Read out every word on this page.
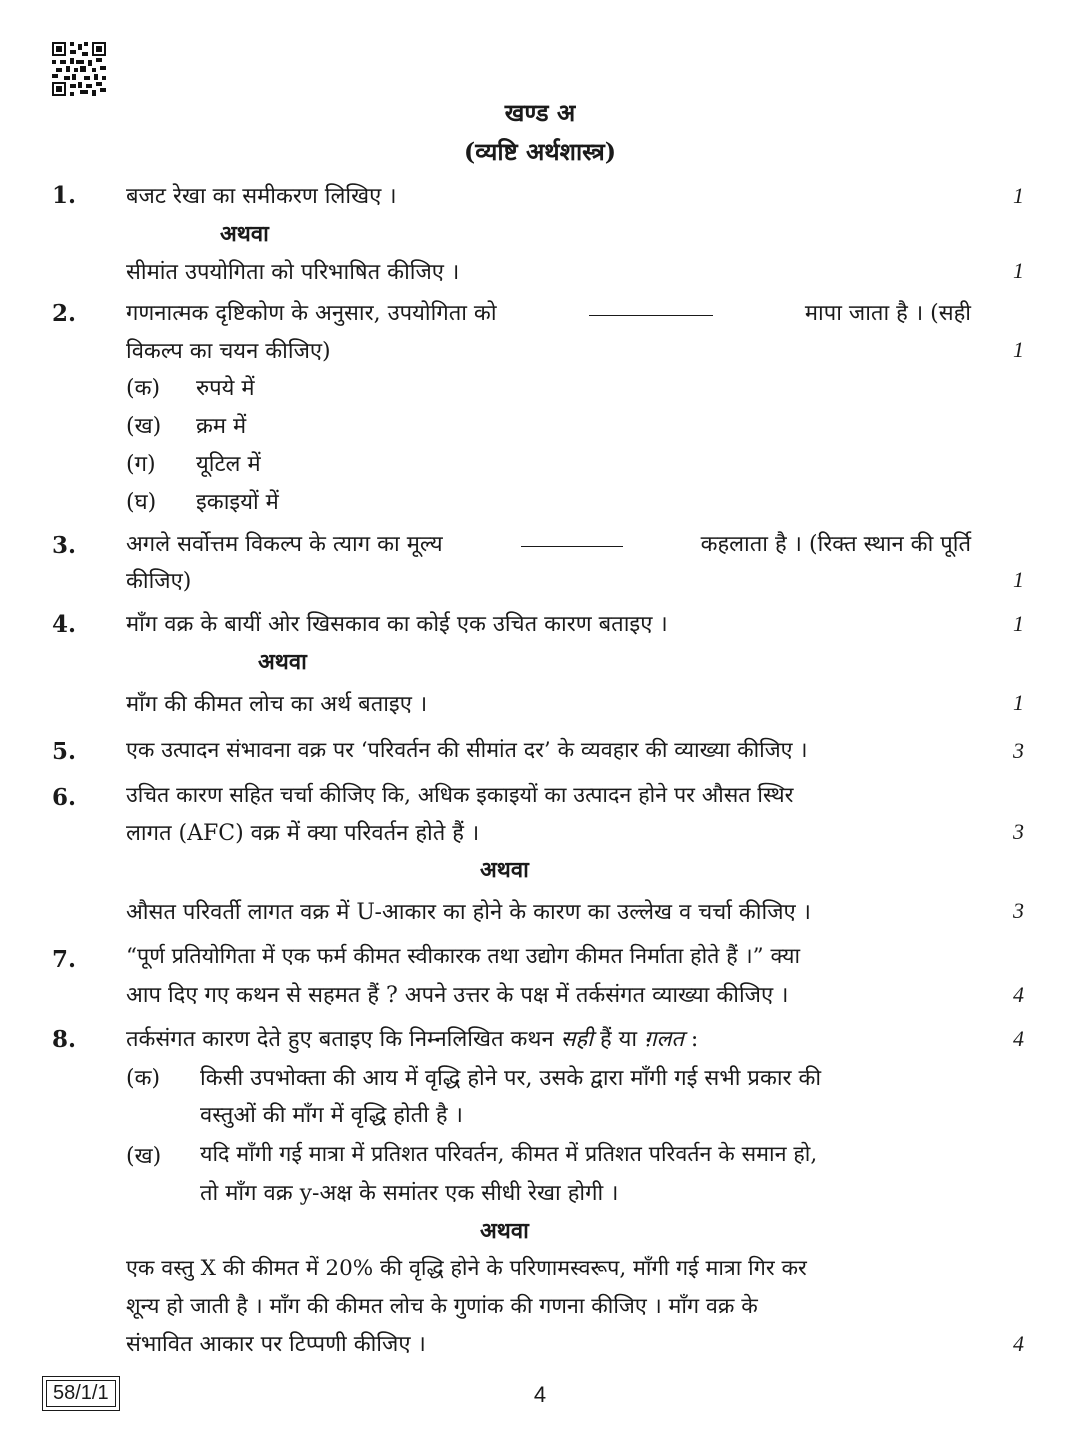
खण्ड अ
(व्यष्टि अर्थशास्त्र)
1. बजट रेखा का समीकरण लिखिए ।	1
अथवा
सीमांत उपयोगिता को परिभाषित कीजिए ।	1
2. गणनात्मक दृष्टिकोण के अनुसार, उपयोगिता को	मापा जाता है । (सही
विकल्प का चयन कीजिए)	1
(क) रुपये में
(ख) क्रम में
(ग) यूटिल में
(घ) इकाइयों में
3. अगले सर्वोत्तम विकल्प के त्याग का मूल्य	कहलाता है । (रिक्त स्थान की पूर्ति
कीजिए)	1
4. माँग वक्र के बायीं ओर खिसकाव का कोई एक उचित कारण बताइए ।	1
अथवा
माँग की कीमत लोच का अर्थ बताइए ।	1
5. एक उत्पादन संभावना वक्र पर ‘परिवर्तन की सीमांत दर’ के व्यवहार की व्याख्या कीजिए ।	3
6. उचित कारण सहित चर्चा कीजिए कि, अधिक इकाइयों का उत्पादन होने पर औसत स्थिर
लागत (AFC) वक्र में क्या परिवर्तन होते हैं ।	3
अथवा
औसत परिवर्ती लागत वक्र में U-आकार का होने के कारण का उल्लेख व चर्चा कीजिए ।	3
7. “पूर्ण प्रतियोगिता में एक फर्म कीमत स्वीकारक तथा उद्योग कीमत निर्माता होते हैं ।” क्या
आप दिए गए कथन से सहमत हैं ? अपने उत्तर के पक्ष में तर्कसंगत व्याख्या कीजिए ।	4
8. तर्कसंगत कारण देते हुए बताइए कि निम्नलिखित कथन सही हैं या ग़लत :	4
(क) किसी उपभोक्ता की आय में वृद्धि होने पर, उसके द्वारा माँगी गई सभी प्रकार की
वस्तुओं की माँग में वृद्धि होती है ।
(ख) यदि माँगी गई मात्रा में प्रतिशत परिवर्तन, कीमत में प्रतिशत परिवर्तन के समान हो,
तो माँग वक्र y-अक्ष के समांतर एक सीधी रेखा होगी ।
अथवा
एक वस्तु X की कीमत में 20% की वृद्धि होने के परिणामस्वरूप, माँगी गई मात्रा गिर कर
शून्य हो जाती है । माँग की कीमत लोच के गुणांक की गणना कीजिए । माँग वक्र के
संभावित आकार पर टिप्पणी कीजिए ।	4
58/1/1	4
